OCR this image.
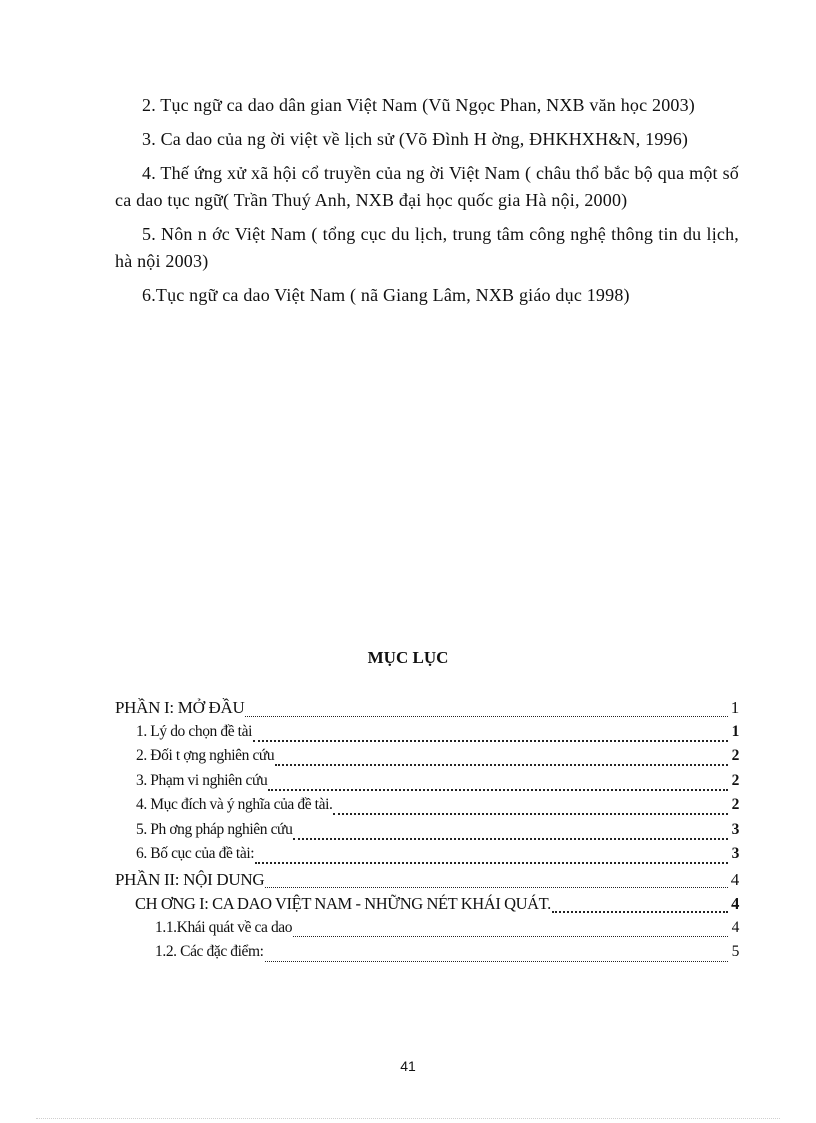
2. Tục ngữ ca dao dân gian Việt Nam (Vũ Ngọc Phan, NXB văn học 2003)

3. Ca dao của ng ời việt về lịch sử (Võ Đình H ờng, ĐHKHXH&N, 1996)

4. Thế ứng xử xã hội cổ truyền của ng ời Việt Nam ( châu thổ bắc bộ qua một số ca dao tục ngữ( Trần Thuý Anh, NXB đại học quốc gia Hà nội, 2000)

5. Nôn n ớc Việt Nam ( tổng cục du lịch, trung tâm công nghệ thông tin du lịch, hà nội 2003)

6.Tục ngữ ca dao Việt Nam ( nã Giang Lâm, NXB giáo dục 1998)

MỤC LỤC
PHẦN I: MỞ ĐẦU	1
1. Lý do chọn đề tài	1
2. Đối t ợng nghiên cứu	2
3. Phạm vi nghiên cứu	2
4. Mục đích và ý nghĩa của đề tài.	2
5. Ph ơng pháp nghiên cứu	3
6. Bố cục của đề tài:	3
PHẦN II: NỘI DUNG	4
CH ƠNG I: CA DAO VIỆT NAM - NHỮNG NÉT KHÁI QUÁT.	4
1.1.Khái quát về ca dao	4
1.2. Các đặc điểm:	5

41
